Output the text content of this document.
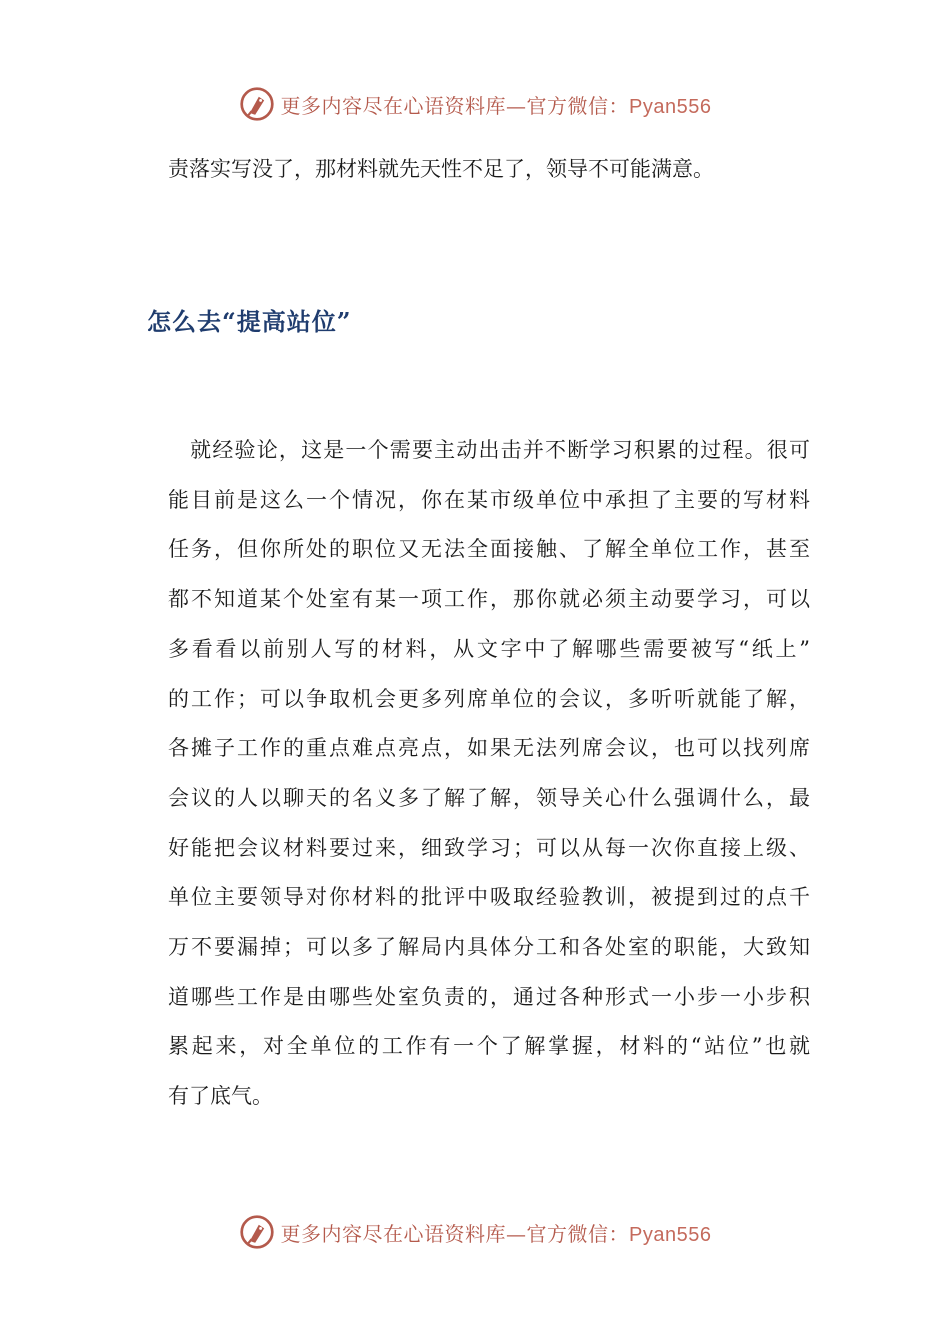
更多内容尽在心语资料库—官方微信：Pyan556

责落实写没了，那材料就先天性不足了，领导不可能满意。

怎么去“提高站位”
　就经验论，这是一个需要主动出击并不断学习积累的过程。很可
能目前是这么一个情况，你在某市级单位中承担了主要的写材料
任务，但你所处的职位又无法全面接触、了解全单位工作，甚至
都不知道某个处室有某一项工作，那你就必须主动要学习，可以
多看看以前别人写的材料，从文字中了解哪些需要被写“纸上”
的工作；可以争取机会更多列席单位的会议，多听听就能了解，
各摊子工作的重点难点亮点，如果无法列席会议，也可以找列席
会议的人以聊天的名义多了解了解，领导关心什么强调什么，最
好能把会议材料要过来，细致学习；可以从每一次你直接上级、
单位主要领导对你材料的批评中吸取经验教训，被提到过的点千
万不要漏掉；可以多了解局内具体分工和各处室的职能，大致知
道哪些工作是由哪些处室负责的，通过各种形式一小步一小步积
累起来，对全单位的工作有一个了解掌握，材料的“站位”也就
有了底气。
更多内容尽在心语资料库—官方微信：Pyan556
